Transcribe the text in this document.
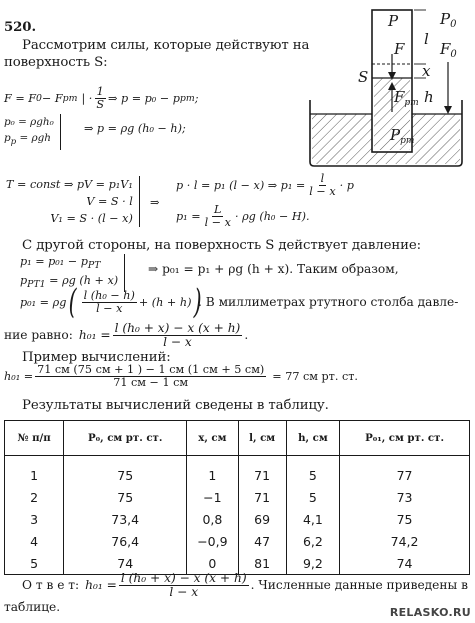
520.
Рассмотрим силы, которые действуют на
поверхность S:
P	$P_0$
F
l
$F_0$
S	x
$F_{рт}$ h
$P_{рт}$
F = F 0 − F рт | · $\frac{1}{S}$ ⇒ p = p₀ − p рт ;
p₀ = ρgh₀
$p_p = \rho gh$
⇒ p = ρg (h₀ − h);
T = const ⇒ pV = p₁V₁
V = S · l
V₁ = S · (l − x)
⇒
p · l = p₁ (l − x) ⇒ $p_1 = \frac{l}{l - x} \cdot p$
$p_1 = \frac{L}{l - x} \cdot \rho g$ (h₀ − H).
С другой стороны, на поверхность S действует давление:
$p_1 = p_{01} - p_{РТ}$
$p_{РТ1} = \rho g$ (h + x)
⇒ p₀₁ = p₁ + ρg (h + x). Таким образом,
p₀₁ = ρg ( $\frac{\text{l (h₀ − h)}}{l - x} + (h + h)$ )
. В миллиметрах ртутного столба давле-
ние равно: $h_{01} = \frac{\text{l (h₀ + x) − x (x + h)}}{l - x}$ .
Пример вычислений:
$h_{01} = \frac{71 см (75 см + 1 ) - 1 см (1 см + 5 см)}{71 см - 1 см} = 77$ см рт. ст.
Результаты вычислений сведены в таблицу.
№ п/п	P₀, см рт. ст.	x, см	l, см	h, см	P₀₁, см рт. ст.
1	75	1	71	5	77
2	75	−1	71	5	73
3	73,4	0,8	69	4,1	75
4	76,4	−0,9	47	6,2	74,2
5	74	0	81	9,2	74
О т в е т: $h_{01} = \frac{\text{l (h₀ + x) − x (x + h)}}{l - x}$ . Численные данные приведены в
таблице.	RELASKO.RU
